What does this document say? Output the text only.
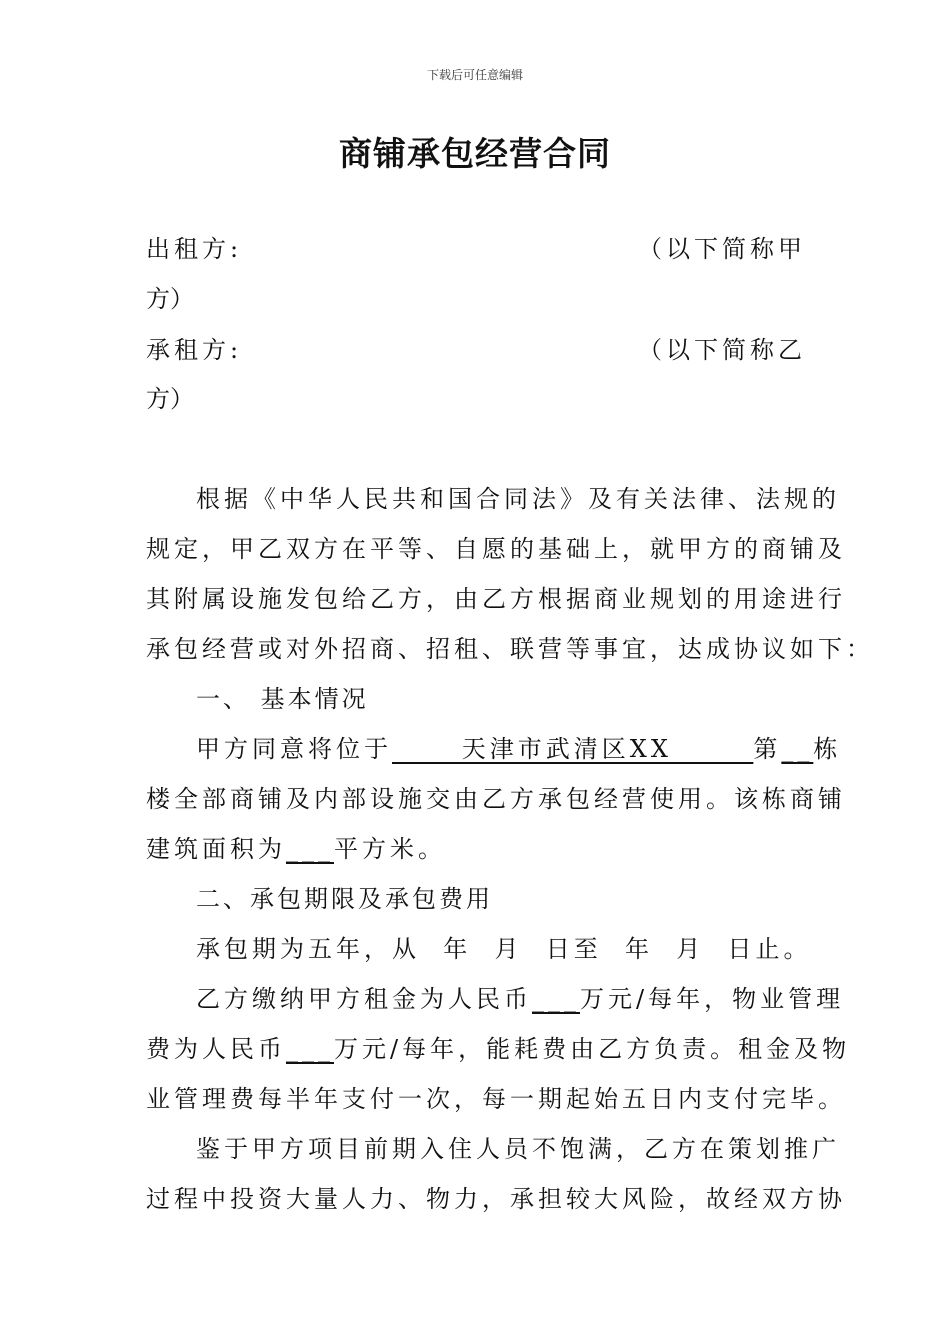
下载后可任意编辑
商铺承包经营合同
出租方:	（以下简称甲
方）
承租方:	（以下简称乙
方）
根据《中华人民共和国合同法》及有关法律、法规的
规定，甲乙双方在平等、自愿的基础上，就甲方的商铺及
其附属设施发包给乙方，由乙方根据商业规划的用途进行
承包经营或对外招商、招租、联营等事宜，达成协议如下：
一、 基本情况
甲方同意将位于      天津市武清区XX       第__栋
楼全部商铺及内部设施交由乙方承包经营使用。该栋商铺
建筑面积为___平方米。
二、承包期限及承包费用
承包期为五年，从  年  月  日至  年  月  日止。
乙方缴纳甲方租金为人民币___万元/每年，物业管理
费为人民币___万元/每年，能耗费由乙方负责。租金及物
业管理费每半年支付一次，每一期起始五日内支付完毕。
鉴于甲方项目前期入住人员不饱满，乙方在策划推广
过程中投资大量人力、物力，承担较大风险，故经双方协
